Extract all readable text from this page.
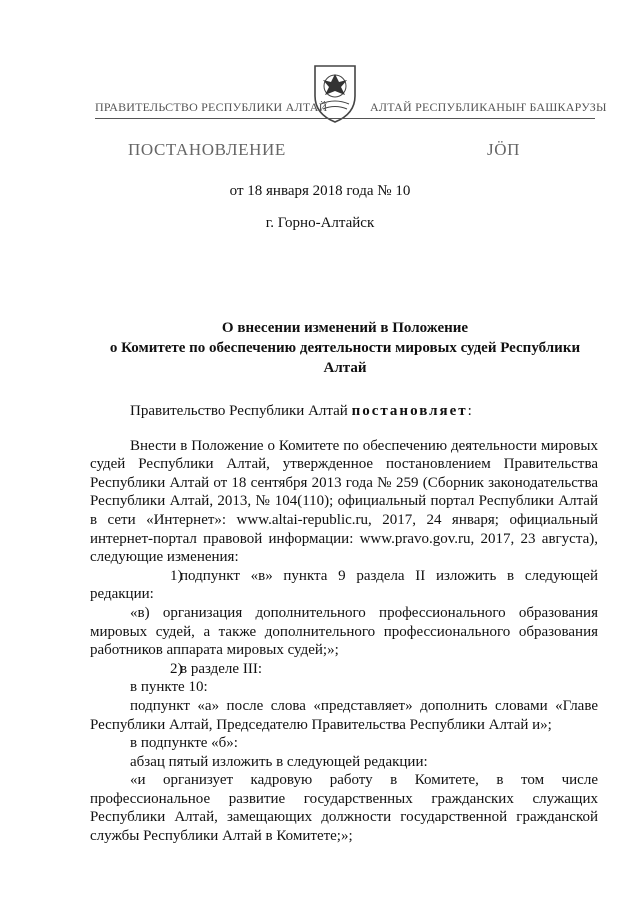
ПРАВИТЕЛЬСТВО РЕСПУБЛИКИ АЛТАЙ	АЛТАЙ РЕСПУБЛИКАНЫҤ БАШКАРУЗЫ
ПОСТАНОВЛЕНИЕ	JӦП
от 18 января 2018 года № 10
г. Горно-Алтайск
О внесении изменений в Положение
о Комитете по обеспечению деятельности мировых судей Республики
Алтай

Правительство Республики Алтай постановляет:

Внести в Положение о Комитете по обеспечению деятельности мировых судей Республики Алтай, утвержденное постановлением Правительства Республики Алтай от 18 сентября 2013 года № 259 (Сборник законодательства Республики Алтай, 2013, № 104(110); официальный портал Республики Алтай в сети «Интернет»: www.altai-republic.ru, 2017, 24 января; официальный интернет-портал правовой информации: www.pravo.gov.ru, 2017, 23 августа), следующие изменения:

1)подпункт «в» пункта 9 раздела II изложить в следующей редакции:

«в) организация дополнительного профессионального образования мировых судей, а также дополнительного профессионального образования работников аппарата мировых судей;»;

2)в разделе III:

в пункте 10:

подпункт «а» после слова «представляет» дополнить словами «Главе Республики Алтай, Председателю Правительства Республики Алтай и»;

в подпункте «б»:

абзац пятый изложить в следующей редакции:

«и организует кадровую работу в Комитете, в том числе профессиональное развитие государственных гражданских служащих Республики Алтай, замещающих должности государственной гражданской службы Республики Алтай в Комитете;»;
